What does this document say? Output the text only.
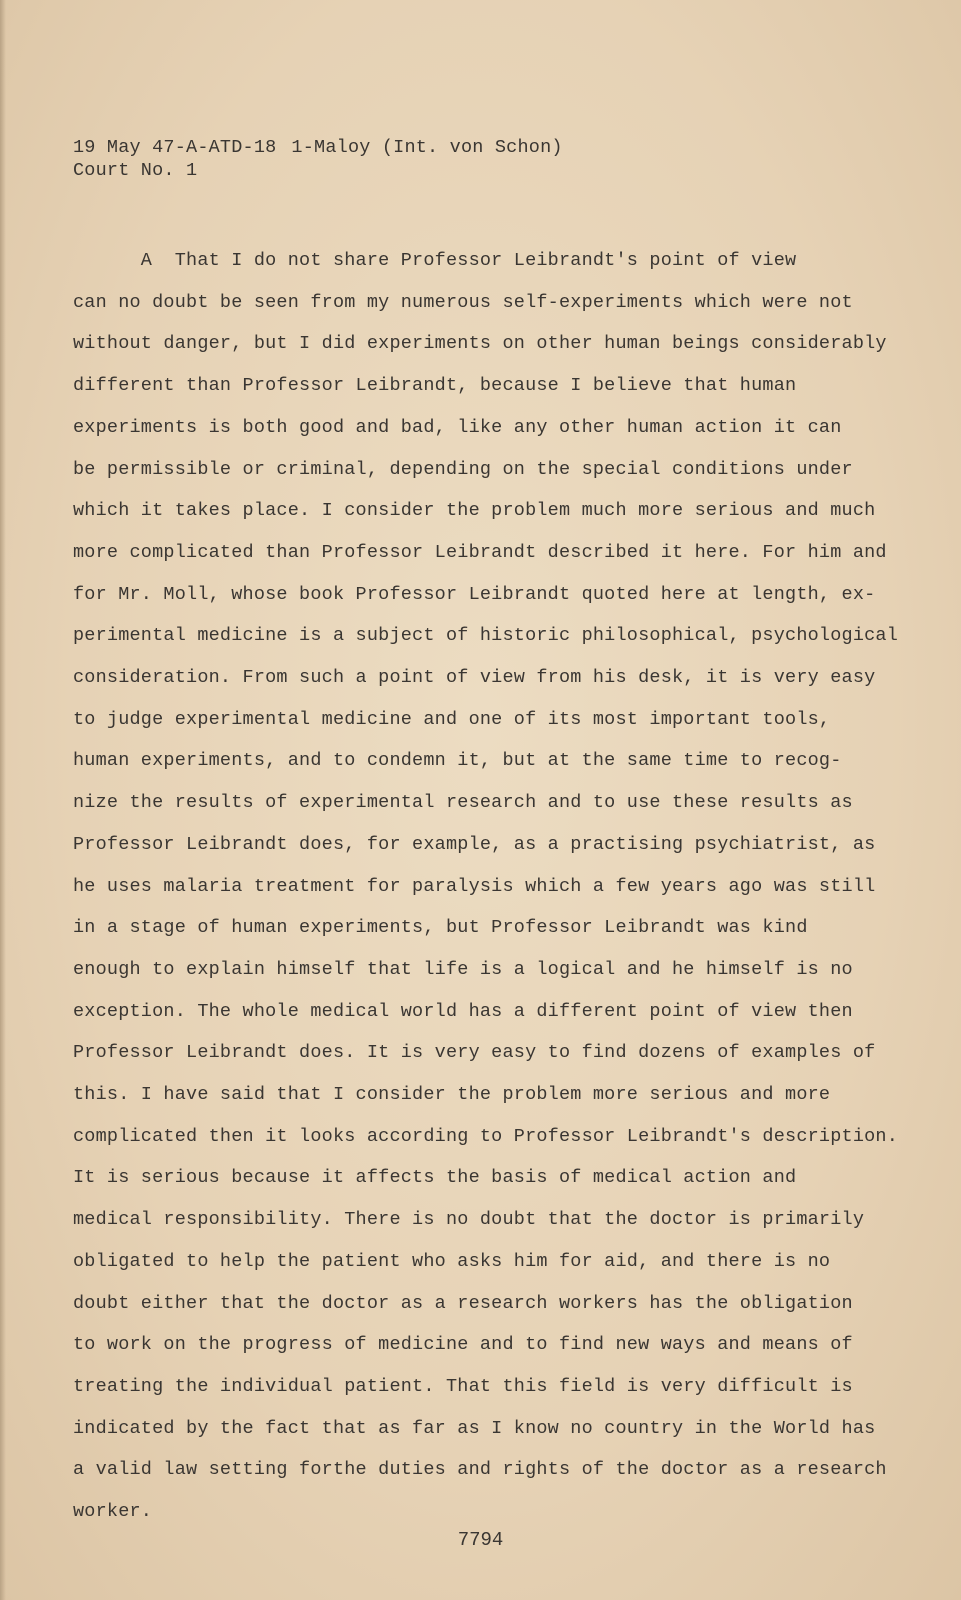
19 May 47-A-ATD-181-Maloy (Int. von Schon)
Court No. 1
A  That I do not share Professor Leibrandt's point of view
can no doubt be seen from my numerous self-experiments which were not
without danger, but I did experiments on other human beings considerably
different than Professor Leibrandt, because I believe that human
experiments is both good and bad, like any other human action it can
be permissible or criminal, depending on the special conditions under
which it takes place. I consider the problem much more serious and much
more complicated than Professor Leibrandt described it here. For him and
for Mr. Moll, whose book Professor Leibrandt quoted here at length, ex-
perimental medicine is a subject of historic philosophical, psychological
consideration. From such a point of view from his desk, it is very easy
to judge experimental medicine and one of its most important tools,
human experiments, and to condemn it, but at the same time to recog-
nize the results of experimental research and to use these results as
Professor Leibrandt does, for example, as a practising psychiatrist, as
he uses malaria treatment for paralysis which a few years ago was still
in a stage of human experiments, but Professor Leibrandt was kind
enough to explain himself that life is a logical and he himself is no
exception. The whole medical world has a different point of view then
Professor Leibrandt does. It is very easy to find dozens of examples of
this. I have said that I consider the problem more serious and more
complicated then it looks according to Professor Leibrandt's description.
It is serious because it affects the basis of medical action and
medical responsibility. There is no doubt that the doctor is primarily
obligated to help the patient who asks him for aid, and there is no
doubt either that the doctor as a research workers has the obligation
to work on the progress of medicine and to find new ways and means of
treating the individual patient. That this field is very difficult is
indicated by the fact that as far as I know no country in the World has
a valid law setting forthe duties and rights of the doctor as a research
worker.
7794
